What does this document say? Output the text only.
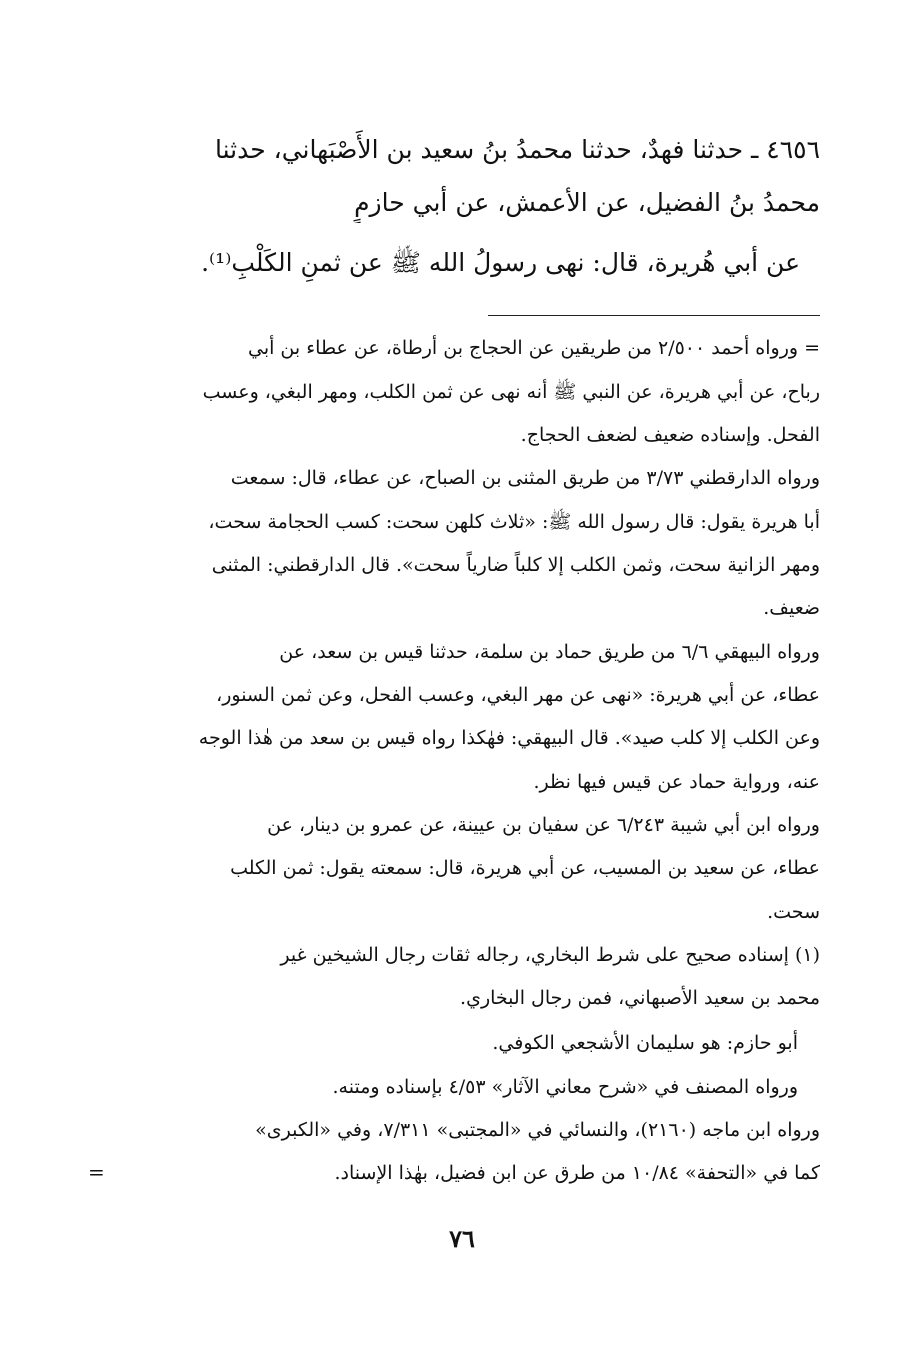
٤٦٥٦ ـ حدثنا فهدٌ، حدثنا محمدُ بنُ سعيد بن الأَصْبَهاني، حدثنا
محمدُ بنُ الفضيل، عن الأعمش، عن أبي حازمٍ
عن أبي هُريرة، قال: نهى رسولُ الله ﷺ عن ثمنِ الكَلْبِ⁽¹⁾.
= ورواه أحمد ٢/٥٠٠ من طريقين عن الحجاج بن أرطاة، عن عطاء بن أبي
رباح، عن أبي هريرة، عن النبي ﷺ أنه نهى عن ثمن الكلب، ومهر البغي، وعسب
الفحل. وإسناده ضعيف لضعف الحجاج.
ورواه الدارقطني ٣/٧٣ من طريق المثنى بن الصباح، عن عطاء، قال: سمعت
أبا هريرة يقول: قال رسول الله ﷺ: «ثلاث كلهن سحت: كسب الحجامة سحت،
ومهر الزانية سحت، وثمن الكلب إلا كلباً ضارياً سحت». قال الدارقطني: المثنى
ضعيف.
ورواه البيهقي ٦/٦ من طريق حماد بن سلمة، حدثنا قيس بن سعد، عن
عطاء، عن أبي هريرة: «نهى عن مهر البغي، وعسب الفحل، وعن ثمن السنور،
وعن الكلب إلا كلب صيد». قال البيهقي: فهٰكذا رواه قيس بن سعد من هٰذا الوجه
عنه، ورواية حماد عن قيس فيها نظر.
ورواه ابن أبي شيبة ٦/٢٤٣ عن سفيان بن عيينة، عن عمرو بن دينار، عن
عطاء، عن سعيد بن المسيب، عن أبي هريرة، قال: سمعته يقول: ثمن الكلب
سحت.
(١) إسناده صحيح على شرط البخاري، رجاله ثقات رجال الشيخين غير
محمد بن سعيد الأصبهاني، فمن رجال البخاري.
أبو حازم: هو سليمان الأشجعي الكوفي.
ورواه المصنف في «شرح معاني الآثار» ٤/٥٣ بإسناده ومتنه.
ورواه ابن ماجه (٢١٦٠)، والنسائي في «المجتبى» ٧/٣١١، وفي «الكبرى»
كما في «التحفة» ١٠/٨٤ من طرق عن ابن فضيل، بهٰذا الإسناد.
=
٧٦
